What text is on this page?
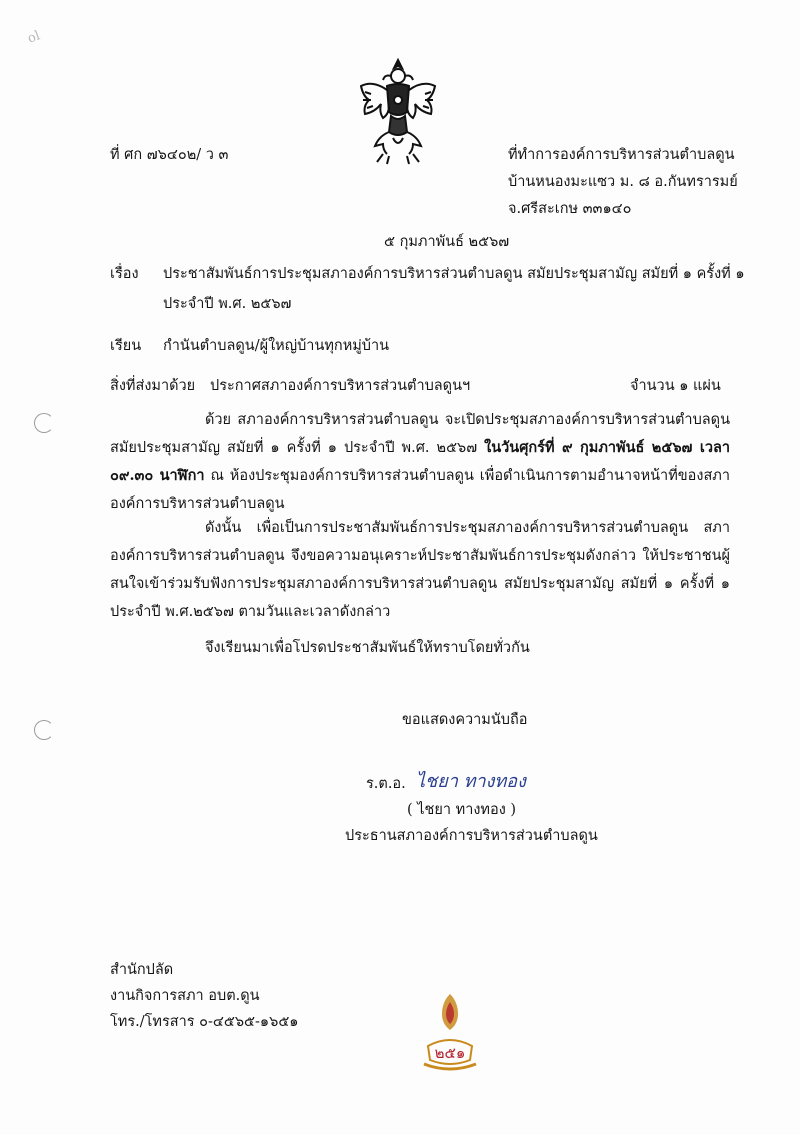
ol
ที่ ศก ๗๖๔๐๒/ ว ๓	ที่ทำการองค์การบริหารส่วนตำบลดูน
บ้านหนองมะแซว ม. ๘ อ.กันทรารมย์
จ.ศรีสะเกษ ๓๓๑๔๐
๕ กุมภาพันธ์ ๒๕๖๗
เรื่อง ประชาสัมพันธ์การประชุมสภาองค์การบริหารส่วนตำบลดูน สมัยประชุมสามัญ สมัยที่ ๑ ครั้งที่ ๑
ประจำปี พ.ศ. ๒๕๖๗
เรียน กำนันตำบลดูน/ผู้ใหญ่บ้านทุกหมู่บ้าน
สิ่งที่ส่งมาด้วย ประกาศสภาองค์การบริหารส่วนตำบลดูนฯ	จำนวน ๑ แผ่น
ด้วย สภาองค์การบริหารส่วนตำบลดูน จะเปิดประชุมสภาองค์การบริหารส่วนตำบลดูน สมัยประชุมสามัญ สมัยที่ ๑ ครั้งที่ ๑ ประจำปี พ.ศ. ๒๕๖๗ ในวันศุกร์ที่ ๙ กุมภาพันธ์ ๒๕๖๗ เวลา ๐๙.๓๐ นาฬิกา ณ ห้องประชุมองค์การบริหารส่วนตำบลดูน เพื่อดำเนินการตามอำนาจหน้าที่ของสภาองค์การบริหารส่วนตำบลดูน
ดังนั้น เพื่อเป็นการประชาสัมพันธ์การประชุมสภาองค์การบริหารส่วนตำบลดูน สภาองค์การบริหารส่วนตำบลดูน จึงขอความอนุเคราะห์ประชาสัมพันธ์การประชุมดังกล่าว ให้ประชาชนผู้สนใจเข้าร่วมรับฟังการประชุมสภาองค์การบริหารส่วนตำบลดูน สมัยประชุมสามัญ สมัยที่ ๑ ครั้งที่ ๑ ประจำปี พ.ศ.๒๕๖๗ ตามวันและเวลาดังกล่าว
จึงเรียนมาเพื่อโปรดประชาสัมพันธ์ให้ทราบโดยทั่วกัน
ขอแสดงความนับถือ
ร.ต.อ. ไชยา ทางทอง
( ไชยา ทางทอง )
ประธานสภาองค์การบริหารส่วนตำบลดูน
สำนักปลัด
งานกิจการสภา อบต.ดูน
โทร./โทรสาร ๐-๔๕๖๕-๑๖๕๑
๒๕๑
